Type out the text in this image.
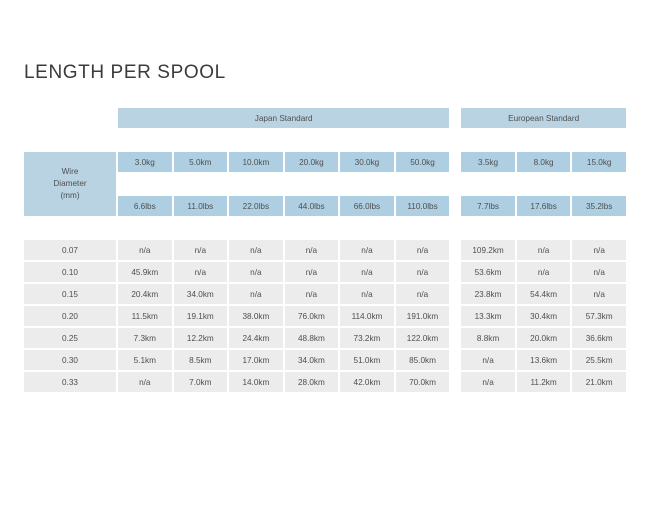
LENGTH PER SPOOL
	Japan Standard							European Standard		

Wire
Diameter
(mm)	3.0kg	5.0km	10.0km	20.0kg	30.0kg	50.0kg		3.5kg	8.0kg	15.0kg

	6.6lbs	11.0lbs	22.0lbs	44.0lbs	66.0lbs	110.0lbs		7.7lbs	17.6lbs	35.2lbs

0.07	n/a	n/a	n/a	n/a	n/a	n/a		109.2km	n/a	n/a
0.10	45.9km	n/a	n/a	n/a	n/a	n/a		53.6km	n/a	n/a
0.15	20.4km	34.0km	n/a	n/a	n/a	n/a		23.8km	54.4km	n/a
0.20	11.5km	19.1km	38.0km	76.0km	114.0km	191.0km		13.3km	30.4km	57.3km
0.25	7.3km	12.2km	24.4km	48.8km	73.2km	122.0km		8.8km	20.0km	36.6km
0.30	5.1km	8.5km	17.0km	34.0km	51.0km	85.0km		n/a	13.6km	25.5km
0.33	n/a	7.0km	14.0km	28.0km	42.0km	70.0km		n/a	11.2km	21.0km
